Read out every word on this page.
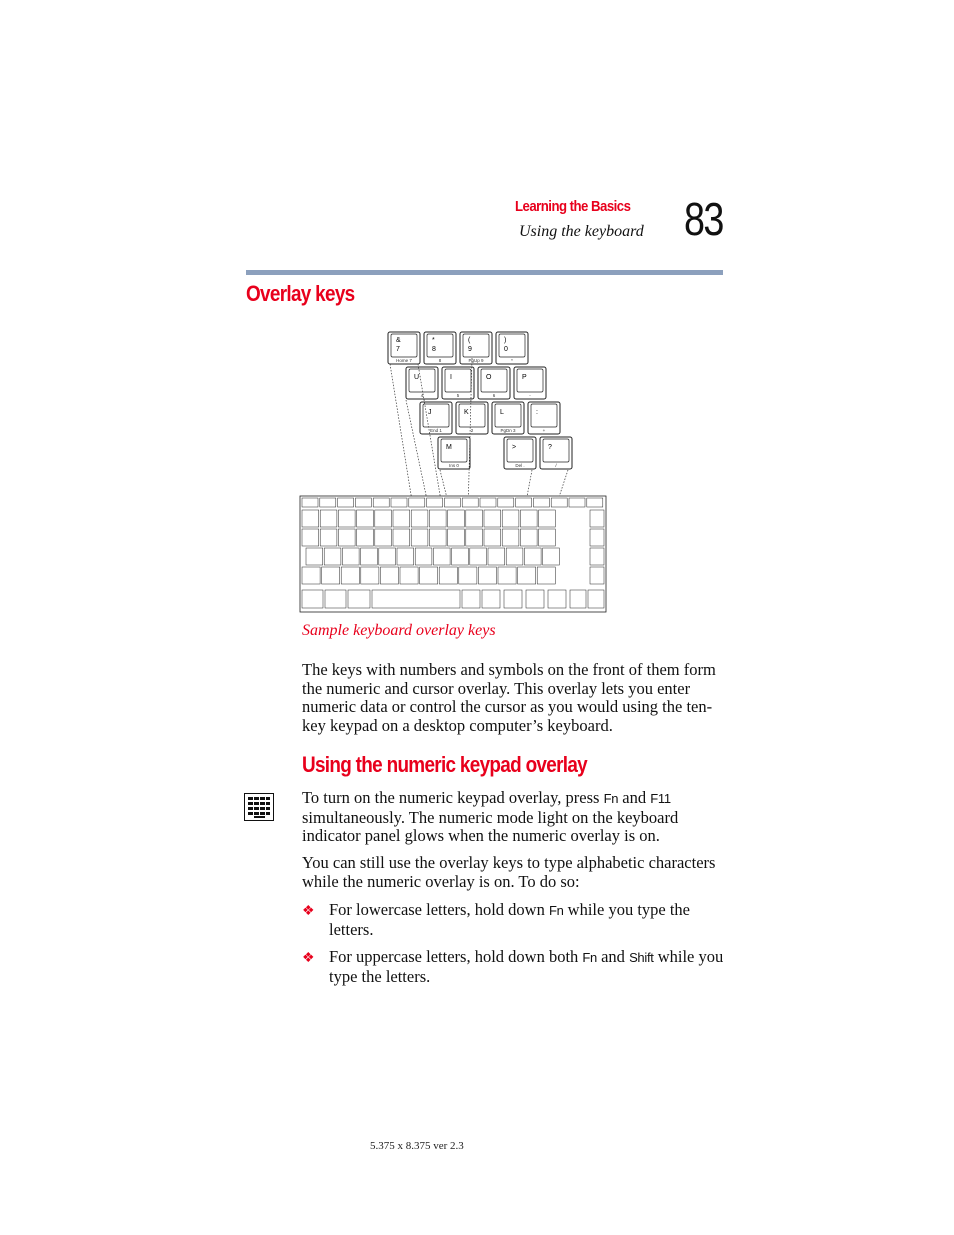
Learning the Basics
Using the keyboard 83
Overlay keys
&
7
Home 7
*
8
8
(
9
PgUp 9
)
0
*
U
4
I
5
O
6
P
-
J
End 1
K
2
L
PgDn 3
:
+
M
Ins 0
>
Del .
?
/
Sample keyboard overlay keys
The keys with numbers and symbols on the front of them form the numeric and cursor overlay. This overlay lets you enter numeric data or control the cursor as you would using the ten-key keypad on a desktop computer’s keyboard.
Using the numeric keypad overlay
To turn on the numeric keypad overlay, press Fn and F11 simultaneously. The numeric mode light on the keyboard indicator panel glows when the numeric overlay is on.
You can still use the overlay keys to type alphabetic characters while the numeric overlay is on. To do so:
❖ For lowercase letters, hold down Fn while you type the letters.
❖ For uppercase letters, hold down both Fn and Shift while you type the letters.
5.375 x 8.375 ver 2.3
